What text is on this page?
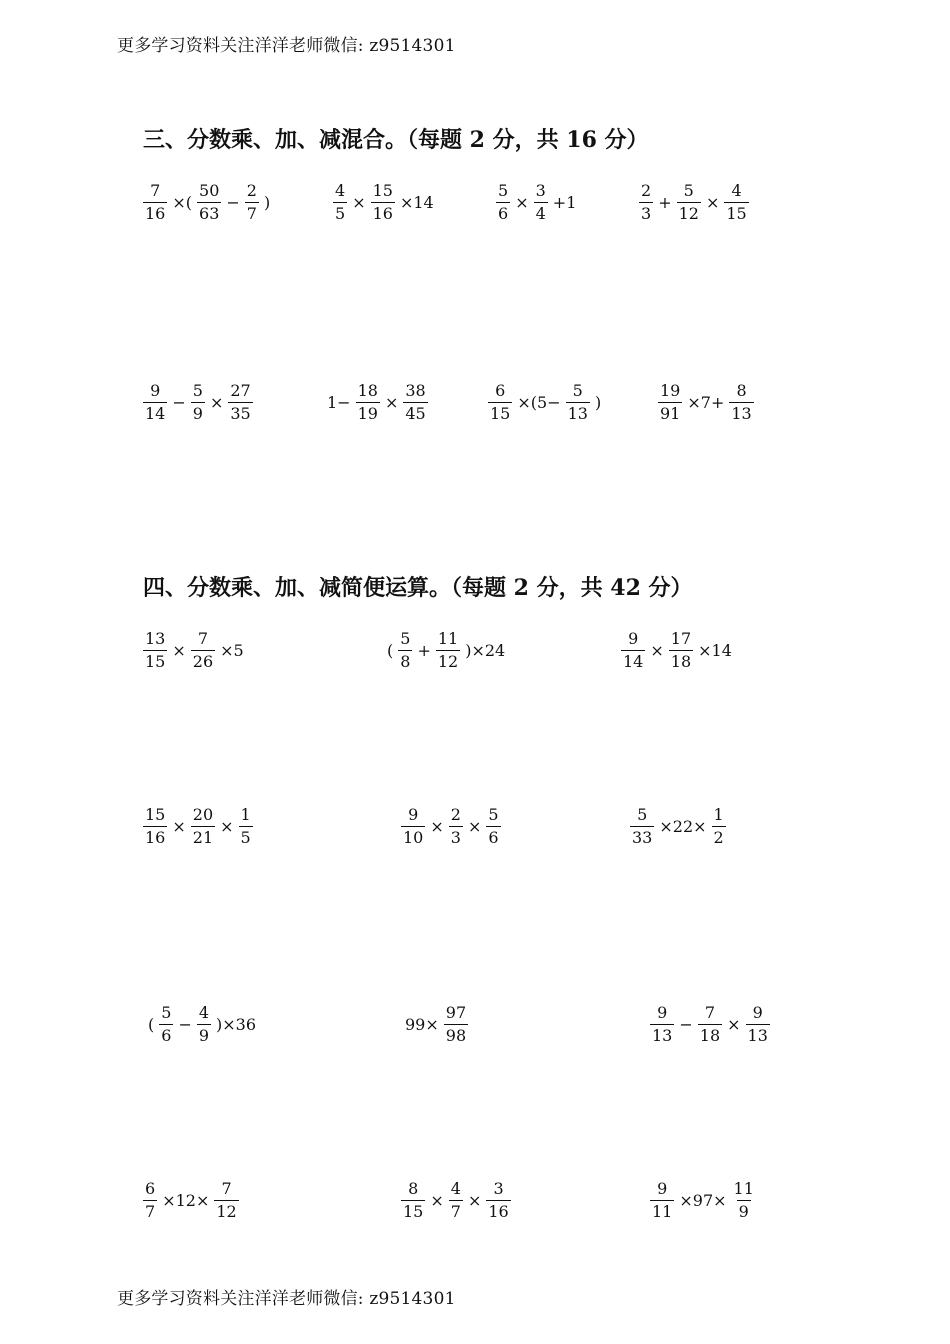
更多学习资料关注洋洋老师微信: z9514301
三、分数乘、加、减混合。（每题 2 分，共 16 分）
$\frac{7}{16}$ ×( $\frac{50}{63} - \frac{2}{7}$ )	$\frac{4}{5} \times \frac{15}{16} \times 14$	$\frac{5}{6} \times \frac{3}{4} +1$	$\frac{2}{3} + \frac{5}{12} \times \frac{4}{15}$
$\frac{9}{14} - \frac{5}{9} \times \frac{27}{35}$	$1- \frac{18}{19} \times \frac{38}{45}$	$\frac{6}{15} \times(5- \frac{5}{13}$ )	$\frac{19}{91} \times 7+ \frac{8}{13}$
四、分数乘、加、减简便运算。（每题 2 分，共 42 分）
$\frac{13}{15} \times \frac{7}{26} \times 5$	( $\frac{5}{8} + \frac{11}{12} )\times 24$	$\frac{9}{14} \times \frac{17}{18} \times 14$
$\frac{15}{16} \times \frac{20}{21} \times \frac{1}{5}$	$\frac{9}{10} \times \frac{2}{3} \times \frac{5}{6}$	$\frac{5}{33} \times 22\times \frac{1}{2}$
( $\frac{5}{6} - \frac{4}{9} )\times 36$	$99\times \frac{97}{98}$	$\frac{9}{13} - \frac{7}{18} \times \frac{9}{13}$
$\frac{6}{7} \times 12\times \frac{7}{12}$	$\frac{8}{15} \times \frac{4}{7} \times \frac{3}{16}$	$\frac{9}{11} \times 97\times \frac{11}{9}$
更多学习资料关注洋洋老师微信: z9514301
